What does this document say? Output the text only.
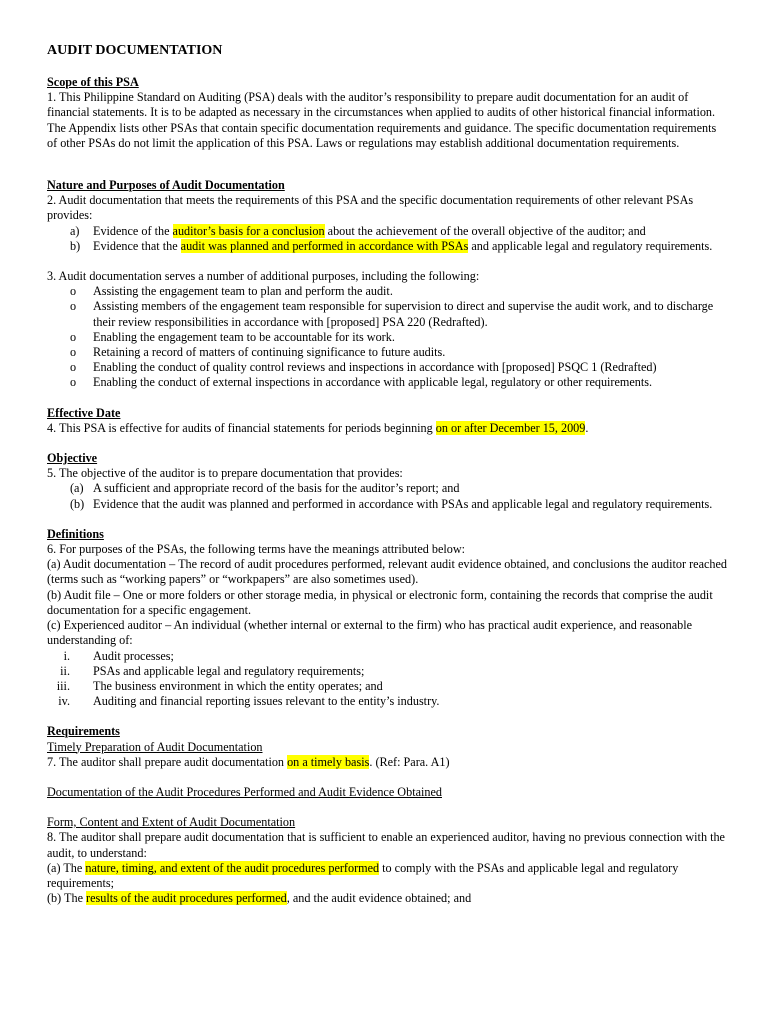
AUDIT DOCUMENTATION

Scope of this PSA

1. This Philippine Standard on Auditing (PSA) deals with the auditor’s responsibility to prepare audit documentation for an audit of financial statements. It is to be adapted as necessary in the circumstances when applied to audits of other historical financial information. The Appendix lists other PSAs that contain specific documentation requirements and guidance. The specific documentation requirements of other PSAs do not limit the application of this PSA. Laws or regulations may establish additional documentation requirements.

Nature and Purposes of Audit Documentation

2. Audit documentation that meets the requirements of this PSA and the specific documentation requirements of other relevant PSAs provides:

a)	Evidence of the auditor’s basis for a conclusion about the achievement of the overall objective of the auditor; and
b)	Evidence that the audit was planned and performed in accordance with PSAs and applicable legal and regulatory requirements.

3. Audit documentation serves a number of additional purposes, including the following:

o	Assisting the engagement team to plan and perform the audit.
o	Assisting members of the engagement team responsible for supervision to direct and supervise the audit work, and to discharge their review responsibilities in accordance with [proposed] PSA 220 (Redrafted).
o	Enabling the engagement team to be accountable for its work.
o	Retaining a record of matters of continuing significance to future audits.
o	Enabling the conduct of quality control reviews and inspections in accordance with [proposed] PSQC 1 (Redrafted)
o	Enabling the conduct of external inspections in accordance with applicable legal, regulatory or other requirements.

Effective Date

4. This PSA is effective for audits of financial statements for periods beginning on or after December 15, 2009.

Objective

5. The objective of the auditor is to prepare documentation that provides:

(a) A sufficient and appropriate record of the basis for the auditor’s report; and
(b) Evidence that the audit was planned and performed in accordance with PSAs and applicable legal and regulatory requirements.

Definitions

6. For purposes of the PSAs, the following terms have the meanings attributed below:

(a) Audit documentation – The record of audit procedures performed, relevant audit evidence obtained, and conclusions the auditor reached (terms such as “working papers” or “workpapers” are also sometimes used).

(b) Audit file – One or more folders or other storage media, in physical or electronic form, containing the records that comprise the audit documentation for a specific engagement.

(c) Experienced auditor – An individual (whether internal or external to the firm) who has practical audit experience, and reasonable understanding of:

i. Audit processes;
ii. PSAs and applicable legal and regulatory requirements;
iii. The business environment in which the entity operates; and
iv. Auditing and financial reporting issues relevant to the entity’s industry.

Requirements

Timely Preparation of Audit Documentation

7. The auditor shall prepare audit documentation on a timely basis. (Ref: Para. A1)

Documentation of the Audit Procedures Performed and Audit Evidence Obtained

Form, Content and Extent of Audit Documentation

8. The auditor shall prepare audit documentation that is sufficient to enable an experienced auditor, having no previous connection with the audit, to understand:

(a) The nature, timing, and extent of the audit procedures performed to comply with the PSAs and applicable legal and regulatory requirements;

(b) The results of the audit procedures performed, and the audit evidence obtained; and
